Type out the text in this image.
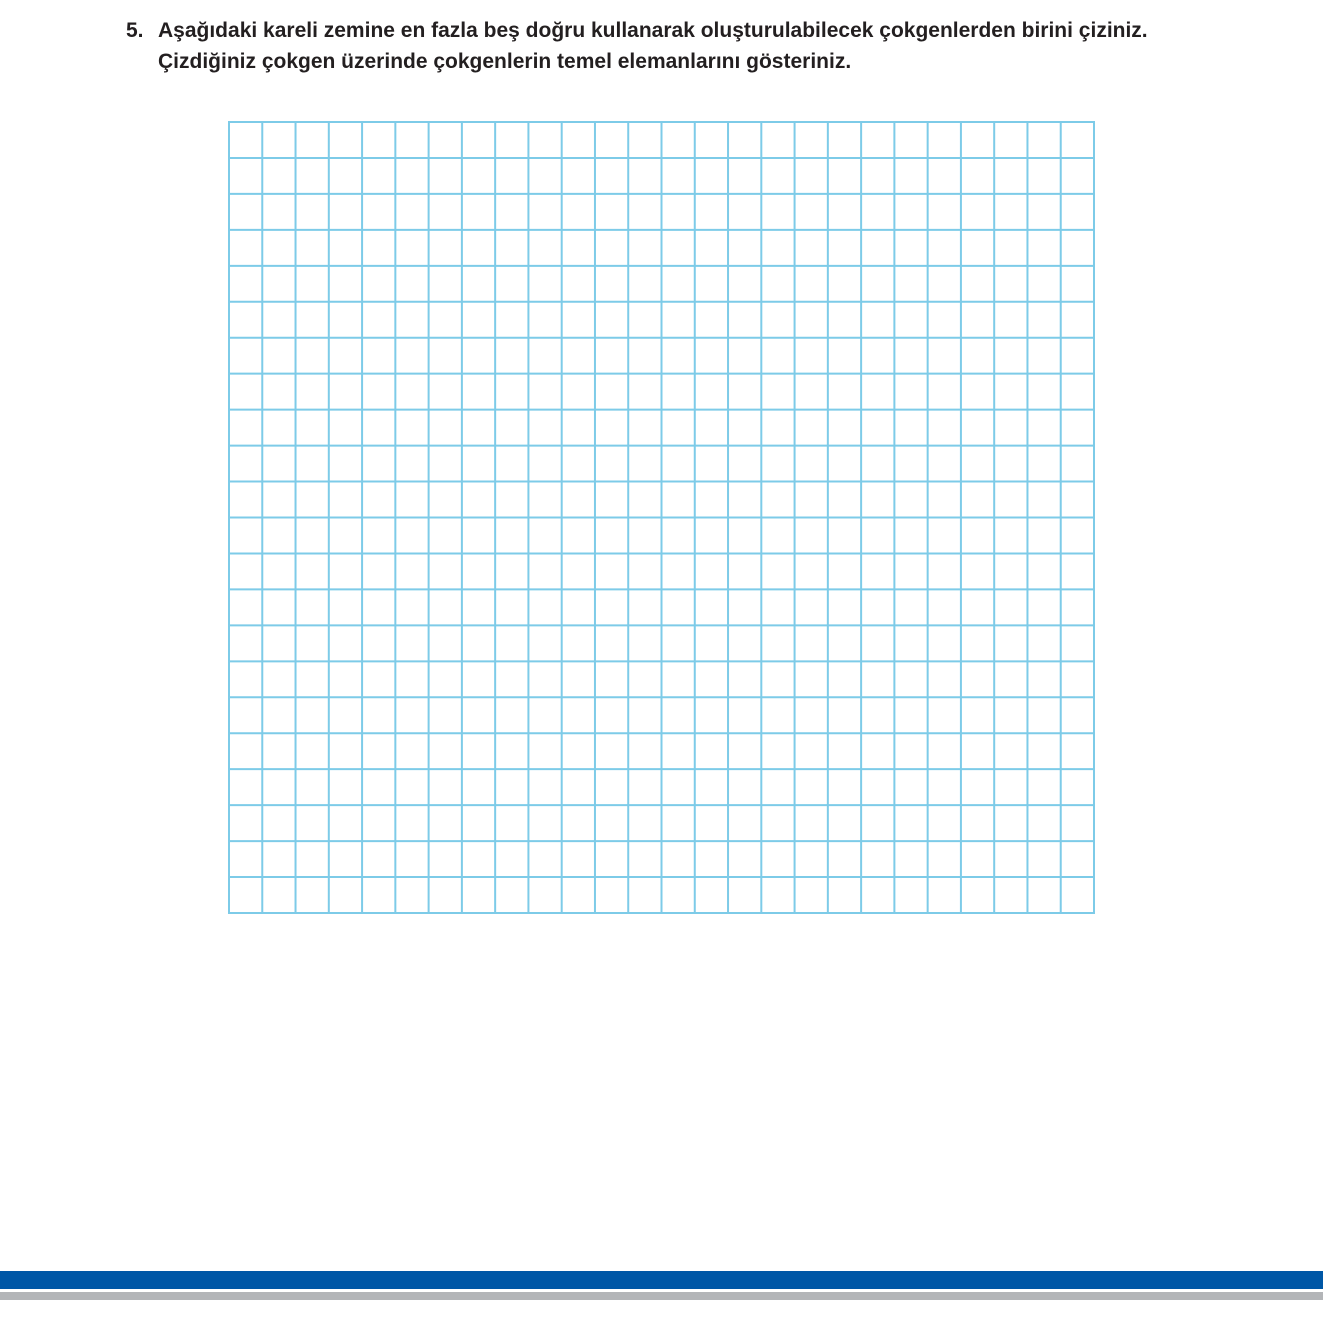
5. Aşağıdaki kareli zemine en fazla beş doğru kullanarak oluşturulabilecek çokgenlerden birini çiziniz.
Çizdiğiniz çokgen üzerinde çokgenlerin temel elemanlarını gösteriniz.
